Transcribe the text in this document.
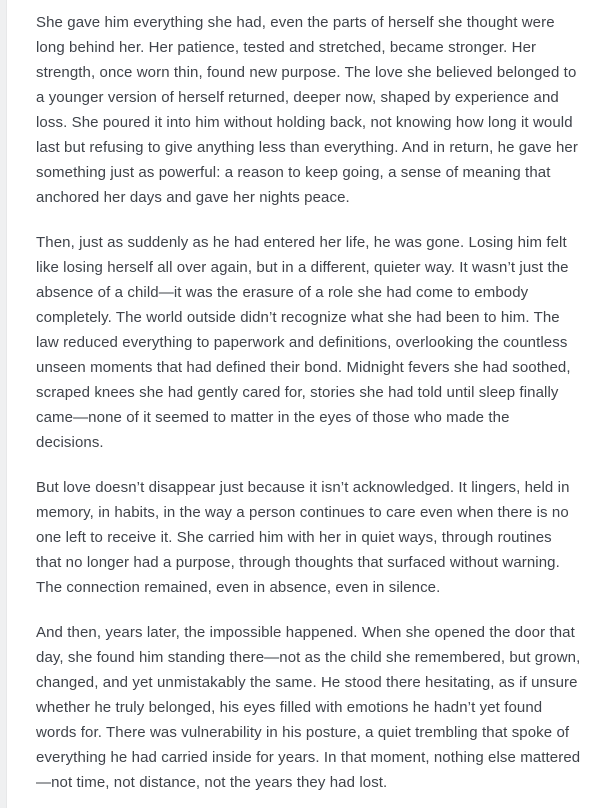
She gave him everything she had, even the parts of herself she thought were long behind her. Her patience, tested and stretched, became stronger. Her strength, once worn thin, found new purpose. The love she believed belonged to a younger version of herself returned, deeper now, shaped by experience and loss. She poured it into him without holding back, not knowing how long it would last but refusing to give anything less than everything. And in return, he gave her something just as powerful: a reason to keep going, a sense of meaning that anchored her days and gave her nights peace.

Then, just as suddenly as he had entered her life, he was gone. Losing him felt like losing herself all over again, but in a different, quieter way. It wasn’t just the absence of a child—it was the erasure of a role she had come to embody completely. The world outside didn’t recognize what she had been to him. The law reduced everything to paperwork and definitions, overlooking the countless unseen moments that had defined their bond. Midnight fevers she had soothed, scraped knees she had gently cared for, stories she had told until sleep finally came—none of it seemed to matter in the eyes of those who made the decisions.

But love doesn’t disappear just because it isn’t acknowledged. It lingers, held in memory, in habits, in the way a person continues to care even when there is no one left to receive it. She carried him with her in quiet ways, through routines that no longer had a purpose, through thoughts that surfaced without warning. The connection remained, even in absence, even in silence.

And then, years later, the impossible happened. When she opened the door that day, she found him standing there—not as the child she remembered, but grown, changed, and yet unmistakably the same. He stood there hesitating, as if unsure whether he truly belonged, his eyes filled with emotions he hadn’t yet found words for. There was vulnerability in his posture, a quiet trembling that spoke of everything he had carried inside for years. In that moment, nothing else mattered—not time, not distance, not the years they had lost.
